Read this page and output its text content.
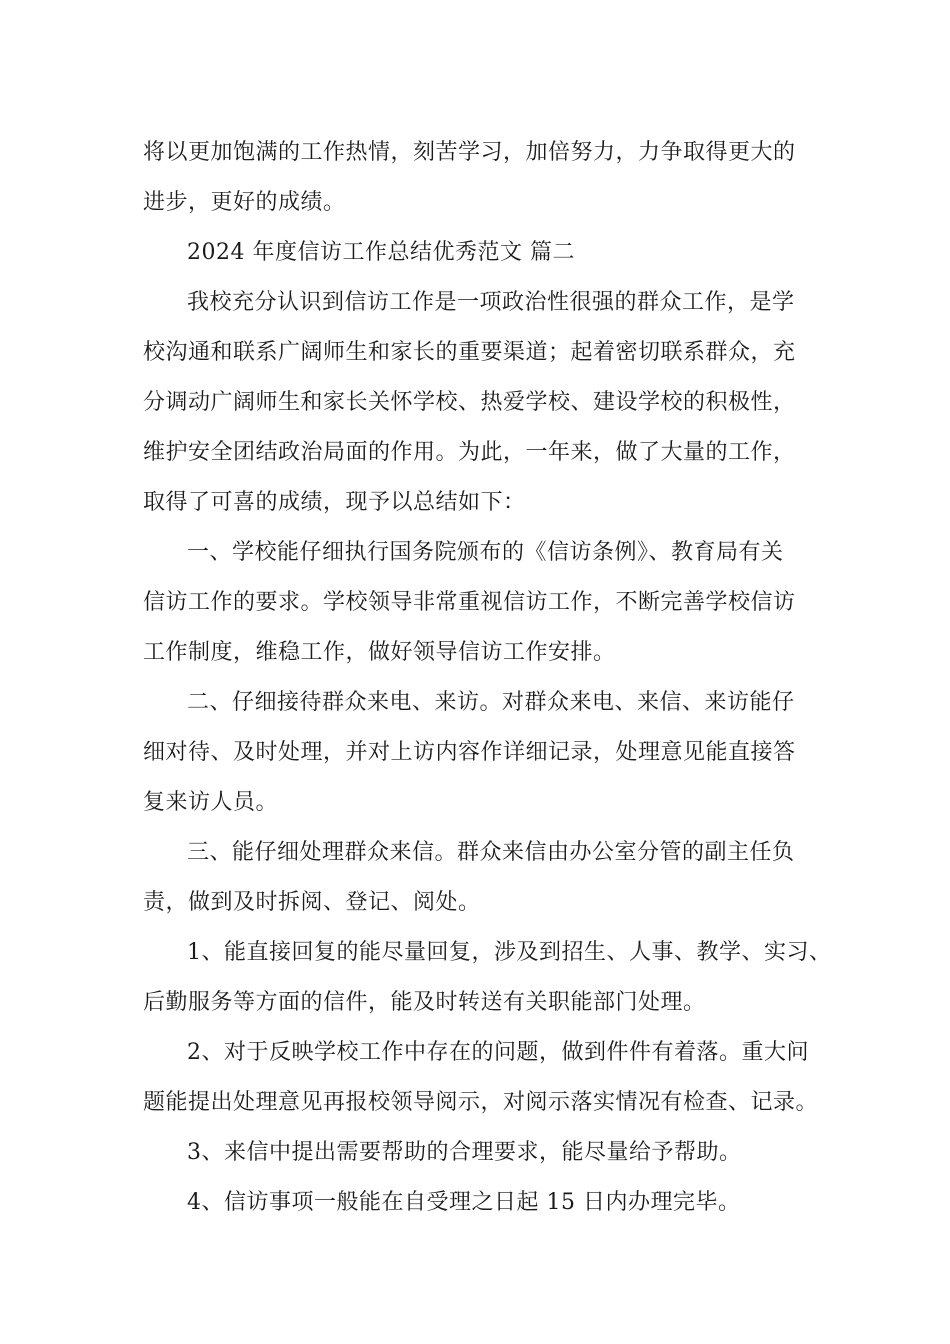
将以更加饱满的工作热情，刻苦学习，加倍努力，力争取得更大的
进步，更好的成绩。

2024 年度信访工作总结优秀范文 篇二

我校充分认识到信访工作是一项政治性很强的群众工作，是学
校沟通和联系广阔师生和家长的重要渠道；起着密切联系群众，充
分调动广阔师生和家长关怀学校、热爱学校、建设学校的积极性，
维护安全团结政治局面的作用。为此，一年来，做了大量的工作，
取得了可喜的成绩，现予以总结如下：

一、学校能仔细执行国务院颁布的《信访条例》、教育局有关
信访工作的要求。学校领导非常重视信访工作，不断完善学校信访
工作制度，维稳工作，做好领导信访工作安排。

二、仔细接待群众来电、来访。对群众来电、来信、来访能仔
细对待、及时处理，并对上访内容作详细记录，处理意见能直接答
复来访人员。

三、能仔细处理群众来信。群众来信由办公室分管的副主任负
责，做到及时拆阅、登记、阅处。

1、能直接回复的能尽量回复，涉及到招生、人事、教学、实习、
后勤服务等方面的信件，能及时转送有关职能部门处理。

2、对于反映学校工作中存在的问题，做到件件有着落。重大问
题能提出处理意见再报校领导阅示，对阅示落实情况有检查、记录。

3、来信中提出需要帮助的合理要求，能尽量给予帮助。

4、信访事项一般能在自受理之日起 15 日内办理完毕。
